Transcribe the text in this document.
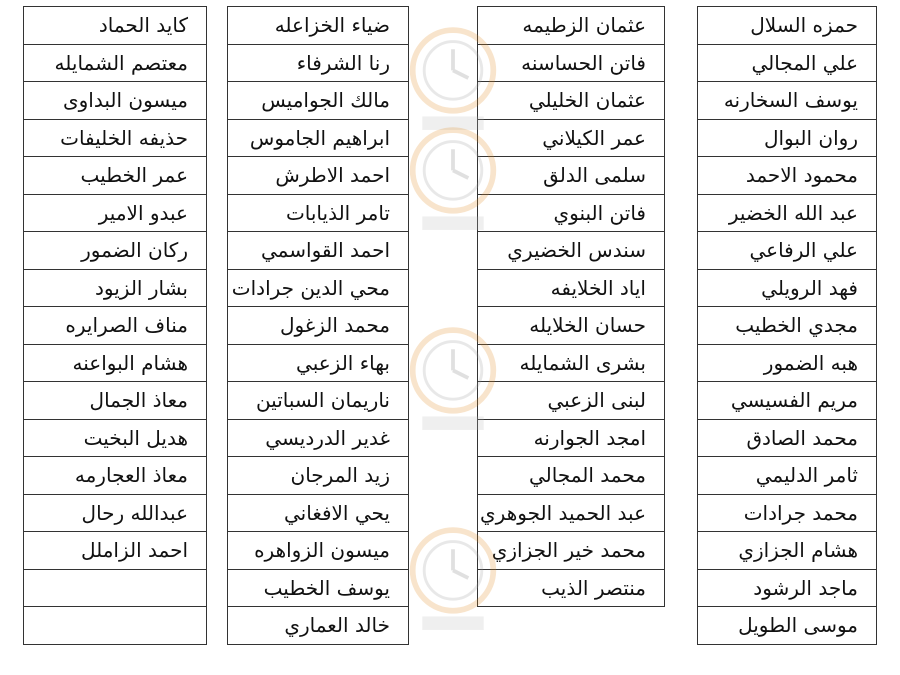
حمزه السلال
علي المجالي
يوسف السخارنه
روان البوال
محمود الاحمد
عبد الله الخضير
علي الرفاعي
فهد الرويلي
مجدي الخطيب
هبه الضمور
مريم الفسيسي
محمد الصادق
ثامر الدليمي
محمد جرادات
هشام الجزازي
ماجد الرشود
موسى الطويل
عثمان الزطيمه
فاتن الحساسنه
عثمان الخليلي
عمر الكيلاني
سلمى الدلق
فاتن البنوي
سندس الخضيري
اياد الخلايفه
حسان الخلايله
بشرى الشمايله
لبنى الزعبي
امجد الجوارنه
محمد المجالي
عبد الحميد الجوهري
محمد خير الجزازي
منتصر الذيب
ضياء الخزاعله
رنا الشرفاء
مالك الجواميس
ابراهيم الجاموس
احمد الاطرش
تامر الذيابات
احمد القواسمي
محي الدين جرادات
محمد الزغول
بهاء الزعبي
ناريمان السباتين
غدير الدرديسي
زيد المرجان
يحي الافغاني
ميسون الزواهره
يوسف الخطيب
خالد العماري
كايد الحماد
معتصم الشمايله
ميسون البداوى
حذيفه الخليفات
عمر الخطيب
عبدو الامير
ركان الضمور
بشار الزيود
مناف الصرايره
هشام البواعنه
معاذ الجمال
هديل البخيت
معاذ العجارمه
عبدالله رحال
احمد الزاملل
